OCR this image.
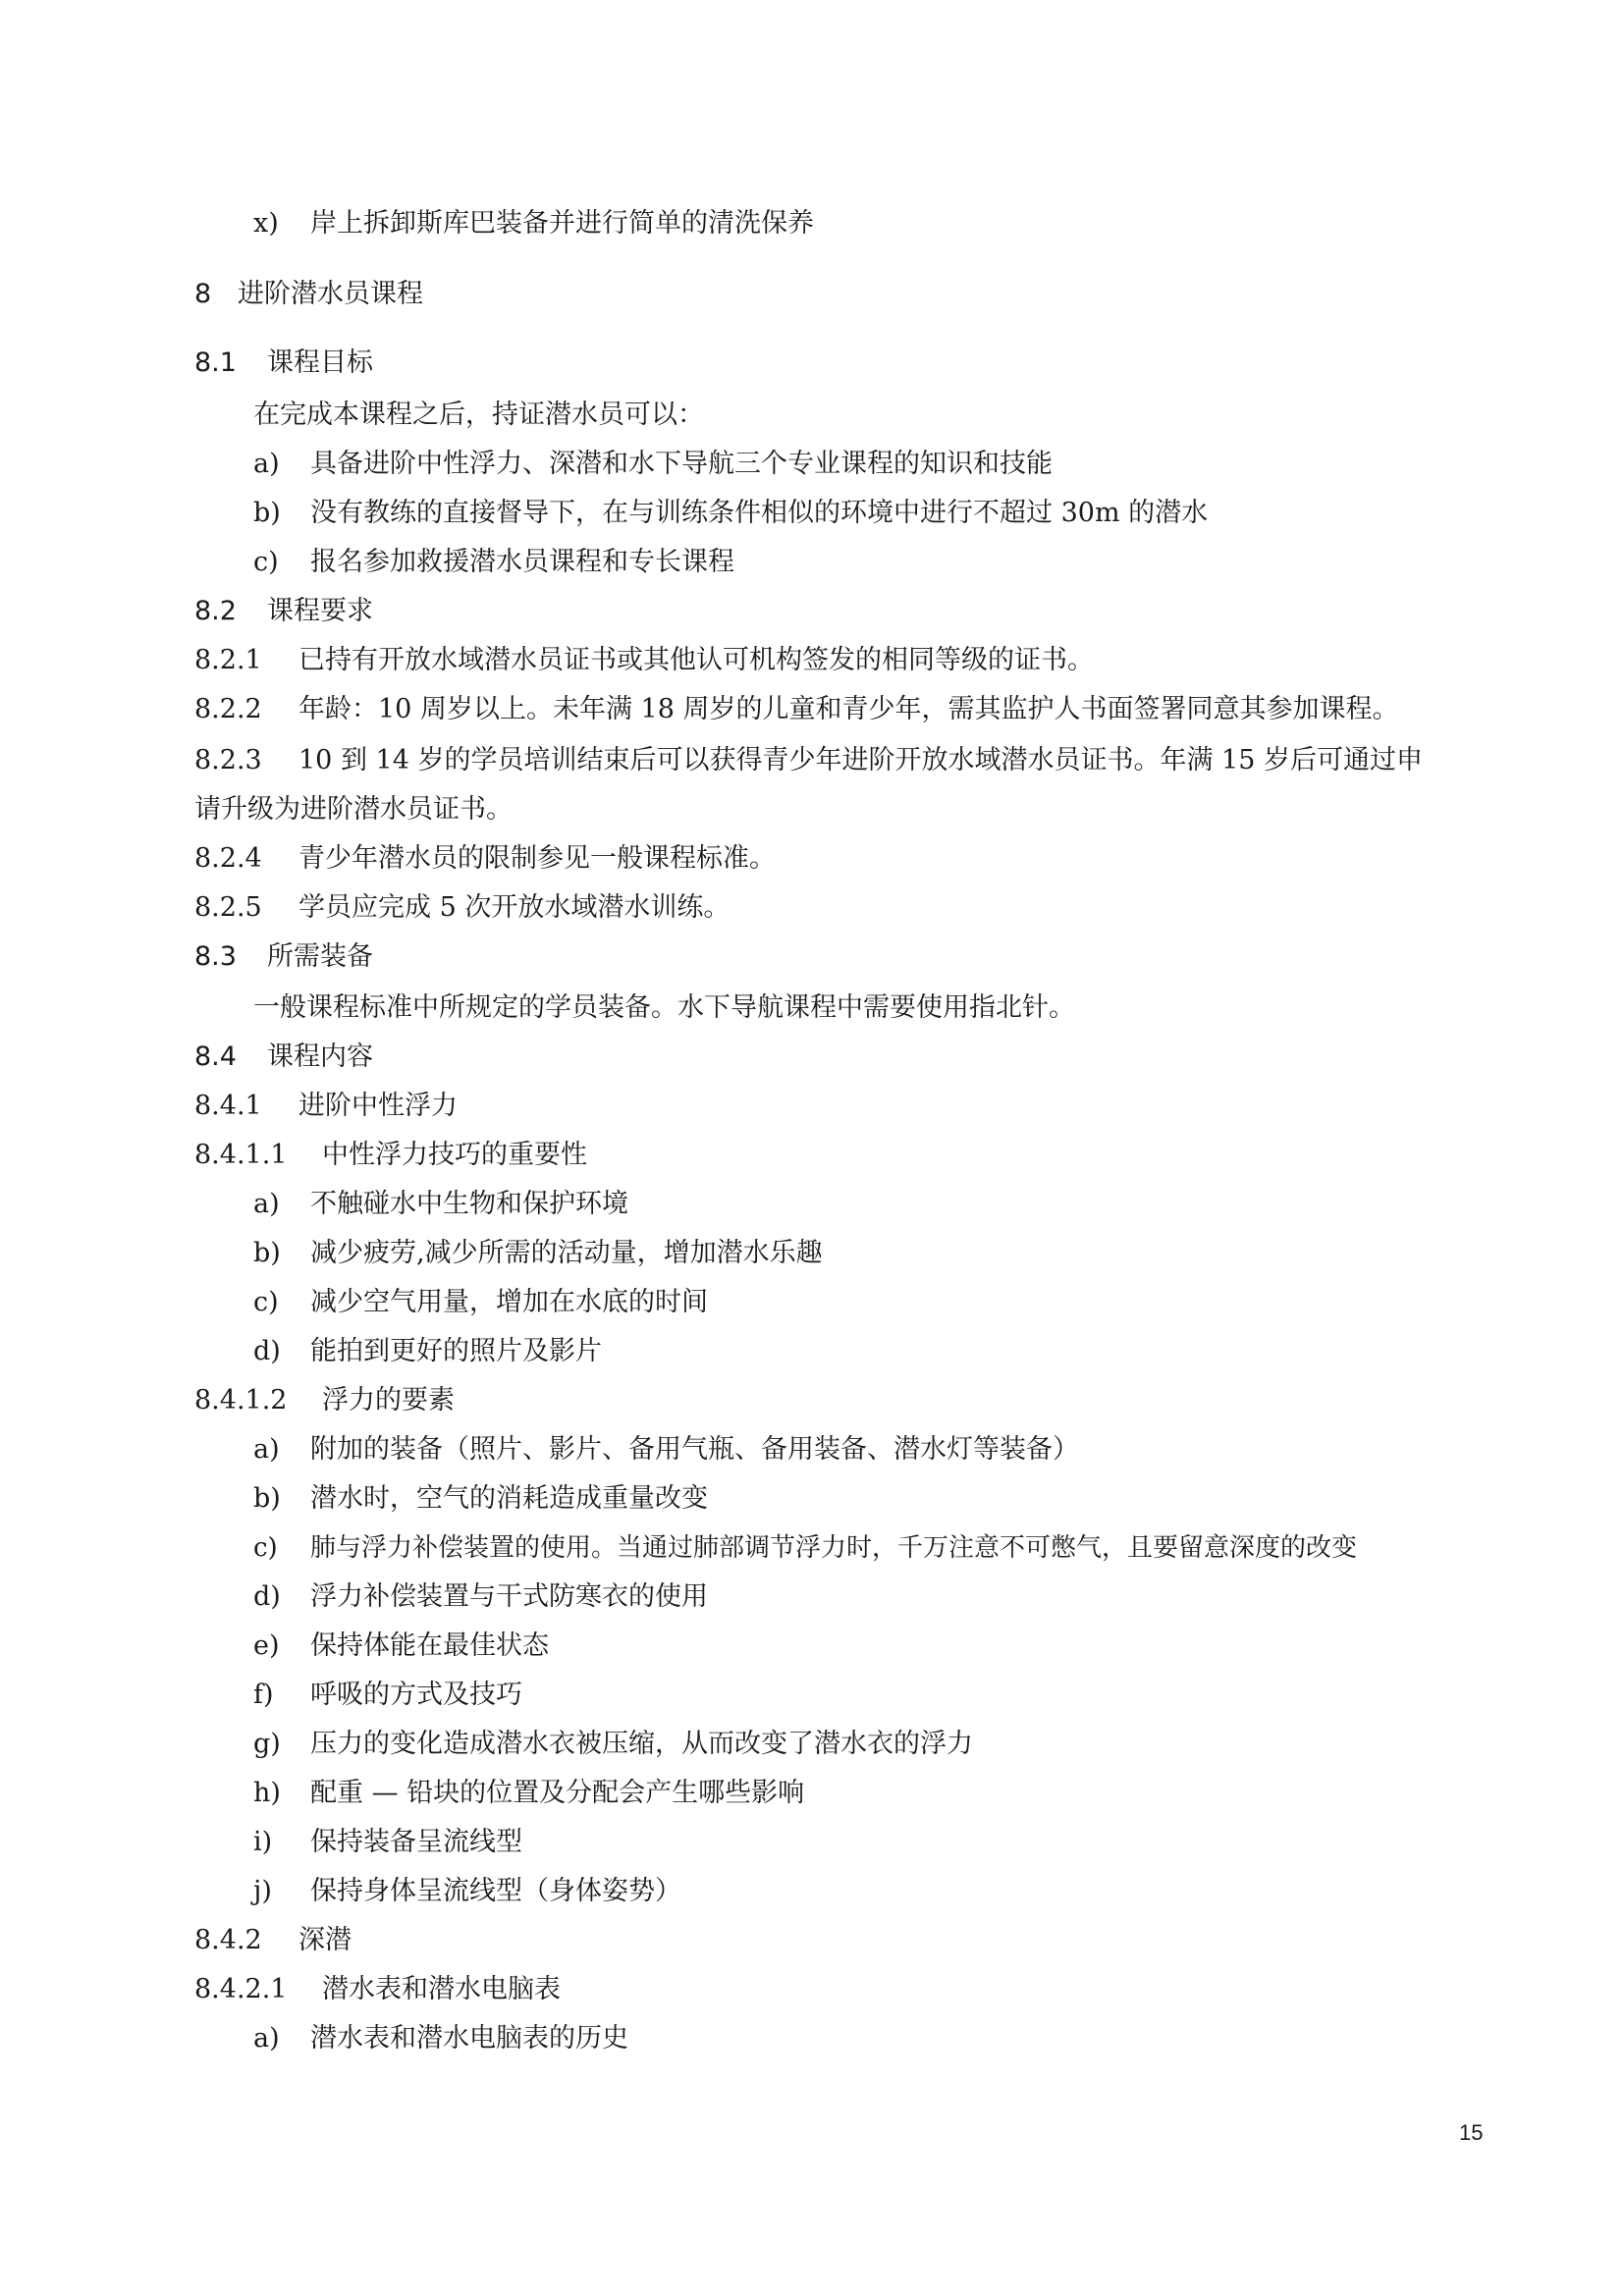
x) 岸上拆卸斯库巴装备并进行简单的清洗保养
8 进阶潜水员课程
8.1 课程目标
在完成本课程之后，持证潜水员可以：
a) 具备进阶中性浮力、深潜和水下导航三个专业课程的知识和技能
b) 没有教练的直接督导下，在与训练条件相似的环境中进行不超过 30m 的潜水
c) 报名参加救援潜水员课程和专长课程
8.2 课程要求
8.2.1 已持有开放水域潜水员证书或其他认可机构签发的相同等级的证书。
8.2.2 年龄：10 周岁以上。未年满 18 周岁的儿童和青少年，需其监护人书面签署同意其参加课程。
8.2.3 10 到 14 岁的学员培训结束后可以获得青少年进阶开放水域潜水员证书。年满 15 岁后可通过申
请升级为进阶潜水员证书。
8.2.4 青少年潜水员的限制参见一般课程标准。
8.2.5 学员应完成 5 次开放水域潜水训练。
8.3 所需装备
一般课程标准中所规定的学员装备。水下导航课程中需要使用指北针。
8.4 课程内容
8.4.1 进阶中性浮力
8.4.1.1 中性浮力技巧的重要性
a) 不触碰水中生物和保护环境
b) 减少疲劳,减少所需的活动量，增加潜水乐趣
c) 减少空气用量，增加在水底的时间
d) 能拍到更好的照片及影片
8.4.1.2 浮力的要素
a) 附加的装备（照片、影片、备用气瓶、备用装备、潜水灯等装备）
b) 潜水时，空气的消耗造成重量改变
c) 肺与浮力补偿装置的使用。当通过肺部调节浮力时，千万注意不可憋气，且要留意深度的改变
d) 浮力补偿装置与干式防寒衣的使用
e) 保持体能在最佳状态
f) 呼吸的方式及技巧
g) 压力的变化造成潜水衣被压缩，从而改变了潜水衣的浮力
h) 配重 — 铅块的位置及分配会产生哪些影响
i) 保持装备呈流线型
j) 保持身体呈流线型（身体姿势）
8.4.2 深潜
8.4.2.1 潜水表和潜水电脑表
a) 潜水表和潜水电脑表的历史
15
